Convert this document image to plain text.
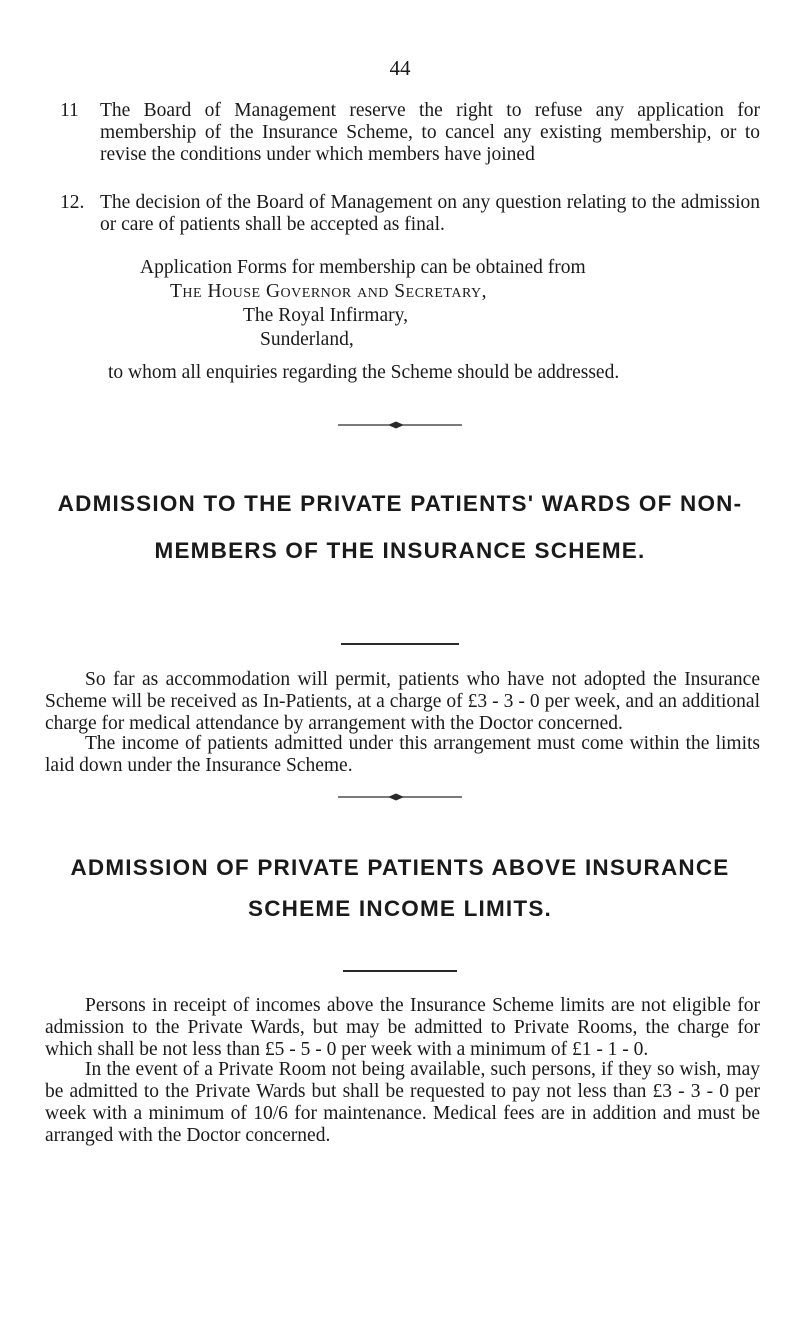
44
11 The Board of Management reserve the right to refuse any application for membership of the Insurance Scheme, to cancel any existing membership, or to revise the conditions under which members have joined
12. The decision of the Board of Management on any question relating to the admission or care of patients shall be accepted as final.
Application Forms for membership can be obtained from
The House Governor and Secretary,
The Royal Infirmary,
Sunderland,
to whom all enquiries regarding the Scheme should be addressed.
ADMISSION TO THE PRIVATE PATIENTS' WARDS OF NON-MEMBERS OF THE INSURANCE SCHEME.
So far as accommodation will permit, patients who have not adopted the Insurance Scheme will be received as In-Patients, at a charge of £3 - 3 - 0 per week, and an additional charge for medical attendance by arrangement with the Doctor concerned.
The income of patients admitted under this arrangement must come within the limits laid down under the Insurance Scheme.
ADMISSION OF PRIVATE PATIENTS ABOVE INSURANCE SCHEME INCOME LIMITS.
Persons in receipt of incomes above the Insurance Scheme limits are not eligible for admission to the Private Wards, but may be admitted to Private Rooms, the charge for which shall be not less than £5 - 5 - 0 per week with a minimum of £1 - 1 - 0.
In the event of a Private Room not being available, such persons, if they so wish, may be admitted to the Private Wards but shall be requested to pay not less than £3 - 3 - 0 per week with a minimum of 10/6 for maintenance. Medical fees are in addition and must be arranged with the Doctor concerned.
